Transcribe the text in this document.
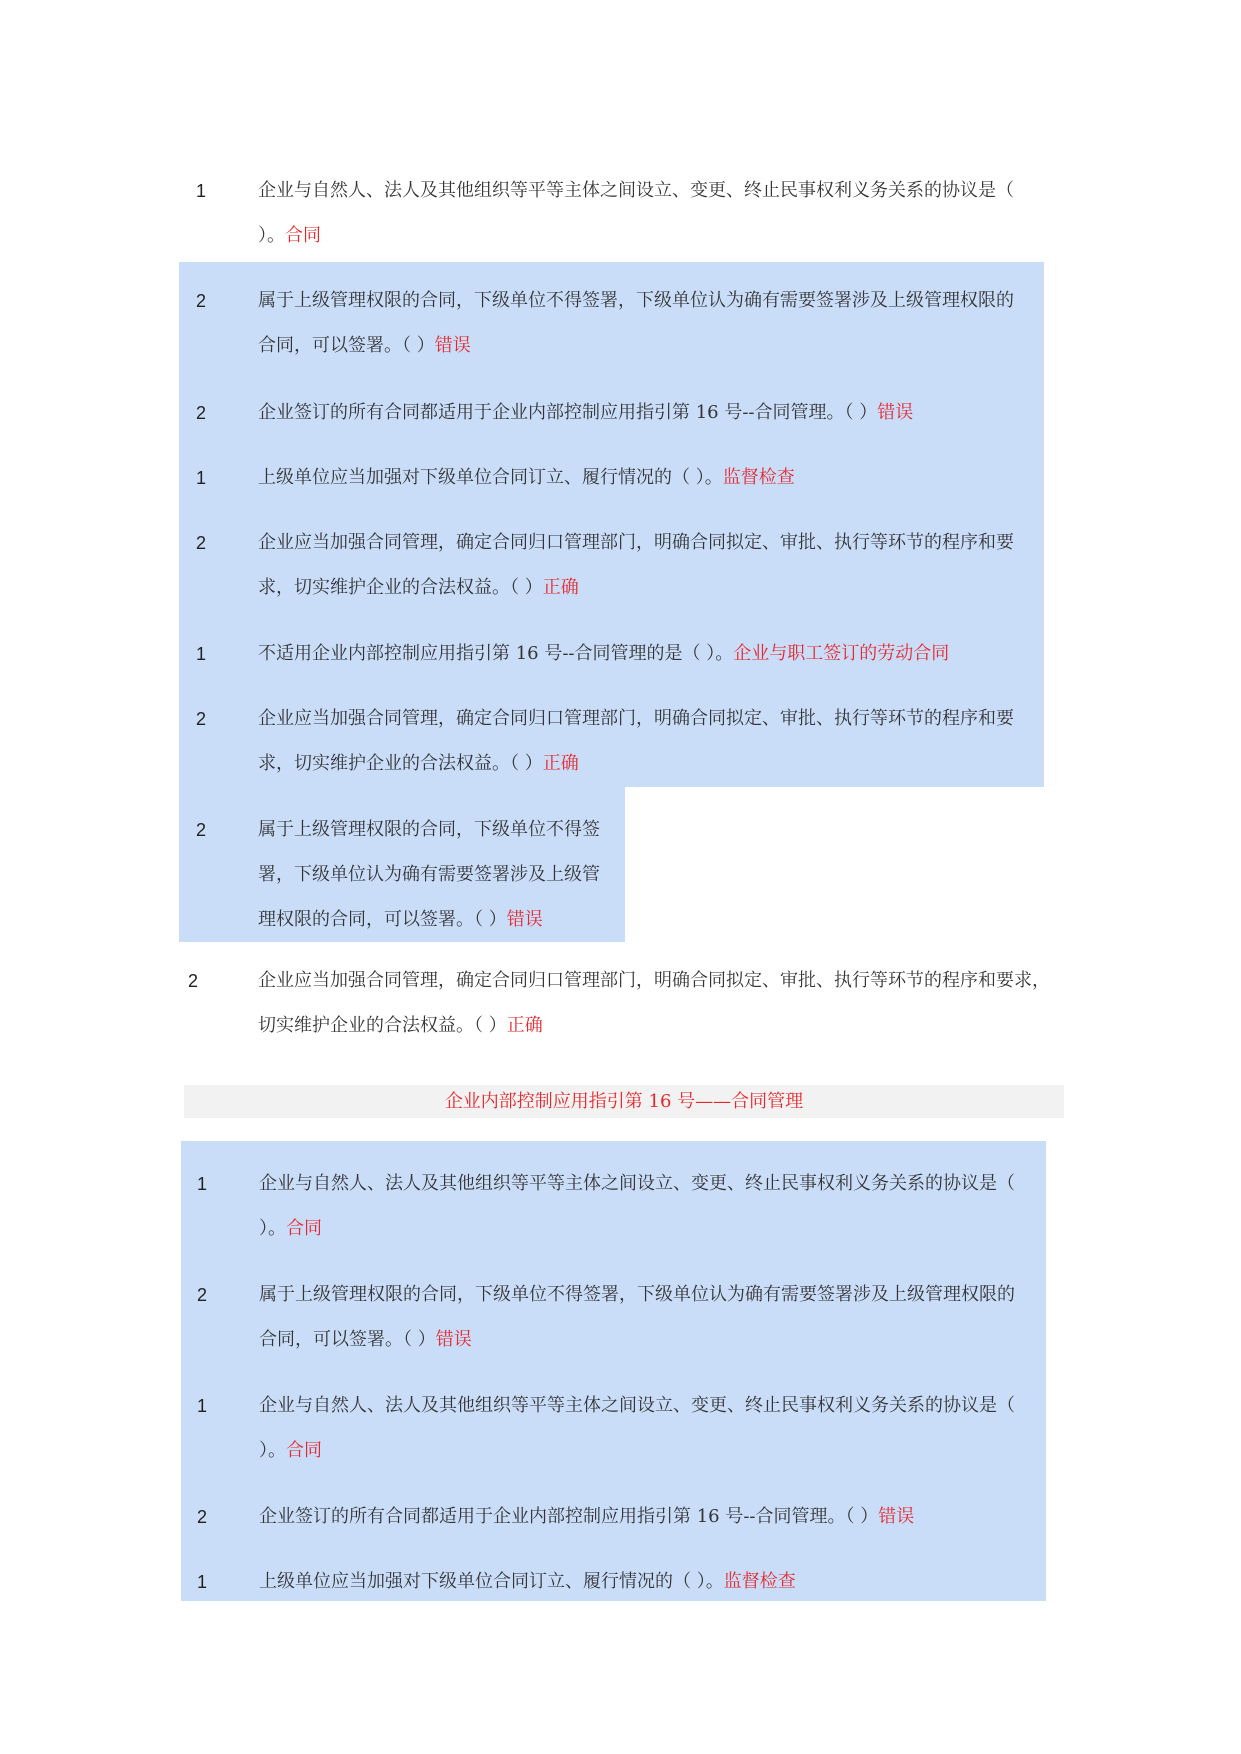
1	企业与自然人、法人及其他组织等平等主体之间设立、变更、终止民事权利义务关系的协议是（ ）。合同
2	属于上级管理权限的合同，下级单位不得签署，下级单位认为确有需要签署涉及上级管理权限的合同，可以签署。（ ）错误
2	企业签订的所有合同都适用于企业内部控制应用指引第 16 号--合同管理。（ ）错误
1	上级单位应当加强对下级单位合同订立、履行情况的（ ）。监督检查
2	企业应当加强合同管理，确定合同归口管理部门，明确合同拟定、审批、执行等环节的程序和要求，切实维护企业的合法权益。（ ）正确
1	不适用企业内部控制应用指引第 16 号--合同管理的是（ ）。企业与职工签订的劳动合同
2	企业应当加强合同管理，确定合同归口管理部门，明确合同拟定、审批、执行等环节的程序和要求，切实维护企业的合法权益。（ ）正确
2	属于上级管理权限的合同，下级单位不得签署，下级单位认为确有需要签署涉及上级管理权限的合同，可以签署。（ ）错误
2	企业应当加强合同管理，确定合同归口管理部门，明确合同拟定、审批、执行等环节的程序和要求，切实维护企业的合法权益。（ ）正确
企业内部控制应用指引第 16 号——合同管理
1	企业与自然人、法人及其他组织等平等主体之间设立、变更、终止民事权利义务关系的协议是（ ）。合同
2	属于上级管理权限的合同，下级单位不得签署，下级单位认为确有需要签署涉及上级管理权限的合同，可以签署。（ ）错误
1	企业与自然人、法人及其他组织等平等主体之间设立、变更、终止民事权利义务关系的协议是（ ）。合同
2	企业签订的所有合同都适用于企业内部控制应用指引第 16 号--合同管理。（ ）错误
1	上级单位应当加强对下级单位合同订立、履行情况的（ ）。监督检查
